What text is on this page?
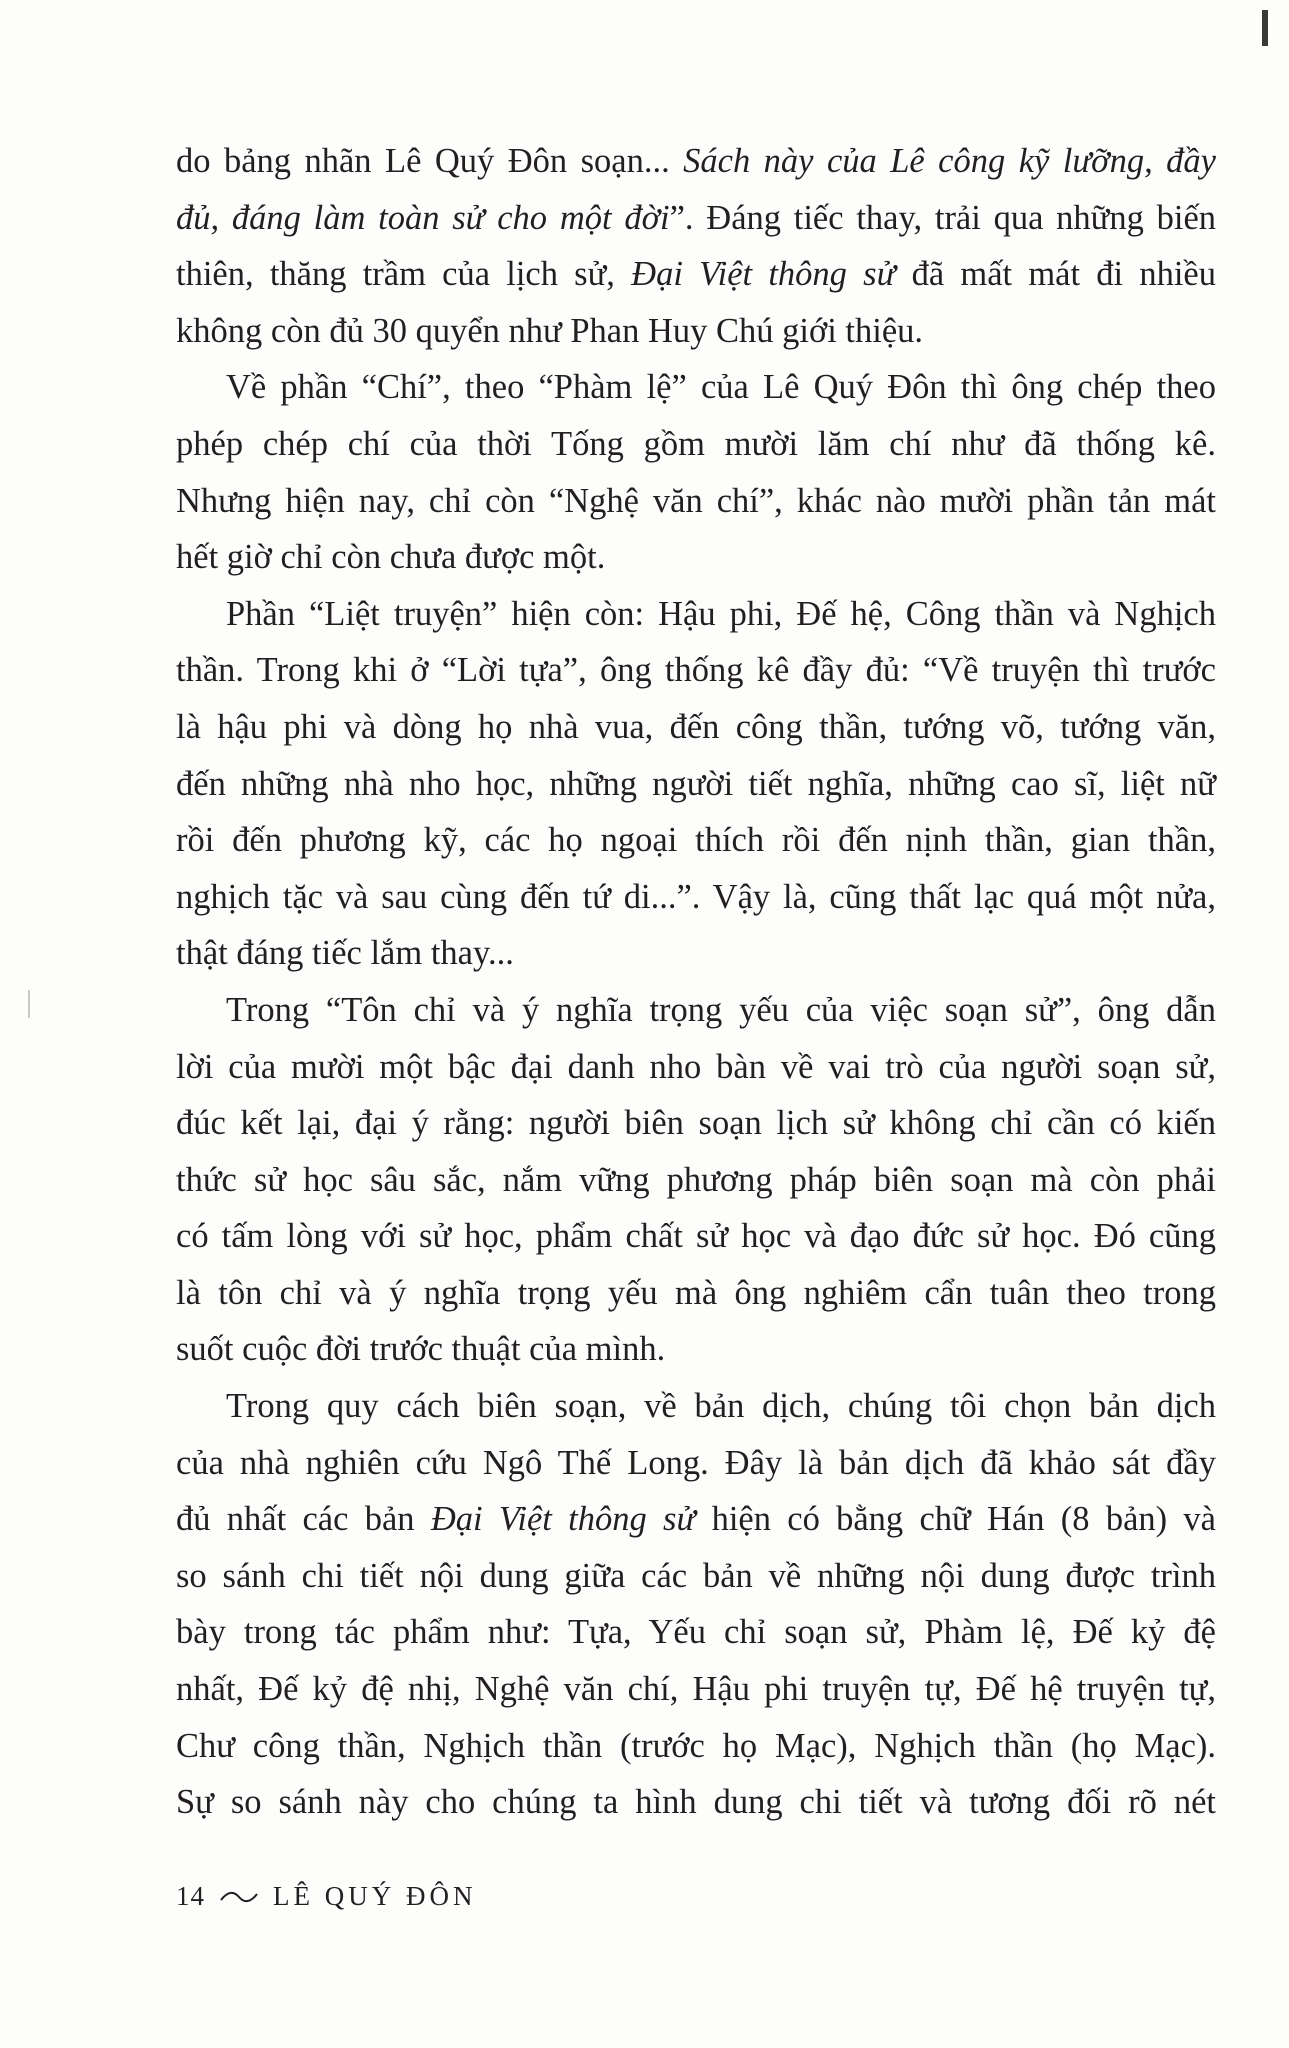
do bảng nhãn Lê Quý Đôn soạn... Sách này của Lê công kỹ lưỡng, đầy
đủ, đáng làm toàn sử cho một đời”. Đáng tiếc thay, trải qua những biến
thiên, thăng trầm của lịch sử, Đại Việt thông sử đã mất mát đi nhiều
không còn đủ 30 quyển như Phan Huy Chú giới thiệu.
Về phần “Chí”, theo “Phàm lệ” của Lê Quý Đôn thì ông chép theo
phép chép chí của thời Tống gồm mười lăm chí như đã thống kê.
Nhưng hiện nay, chỉ còn “Nghệ văn chí”, khác nào mười phần tản mát
hết giờ chỉ còn chưa được một.
Phần “Liệt truyện” hiện còn: Hậu phi, Đế hệ, Công thần và Nghịch
thần. Trong khi ở “Lời tựa”, ông thống kê đầy đủ: “Về truyện thì trước
là hậu phi và dòng họ nhà vua, đến công thần, tướng võ, tướng văn,
đến những nhà nho học, những người tiết nghĩa, những cao sĩ, liệt nữ
rồi đến phương kỹ, các họ ngoại thích rồi đến nịnh thần, gian thần,
nghịch tặc và sau cùng đến tứ di...”. Vậy là, cũng thất lạc quá một nửa,
thật đáng tiếc lắm thay...
Trong “Tôn chỉ và ý nghĩa trọng yếu của việc soạn sử”, ông dẫn
lời của mười một bậc đại danh nho bàn về vai trò của người soạn sử,
đúc kết lại, đại ý rằng: người biên soạn lịch sử không chỉ cần có kiến
thức sử học sâu sắc, nắm vững phương pháp biên soạn mà còn phải
có tấm lòng với sử học, phẩm chất sử học và đạo đức sử học. Đó cũng
là tôn chỉ và ý nghĩa trọng yếu mà ông nghiêm cẩn tuân theo trong
suốt cuộc đời trước thuật của mình.
Trong quy cách biên soạn, về bản dịch, chúng tôi chọn bản dịch
của nhà nghiên cứu Ngô Thế Long. Đây là bản dịch đã khảo sát đầy
đủ nhất các bản Đại Việt thông sử hiện có bằng chữ Hán (8 bản) và
so sánh chi tiết nội dung giữa các bản về những nội dung được trình
bày trong tác phẩm như: Tựa, Yếu chỉ soạn sử, Phàm lệ, Đế kỷ đệ
nhất, Đế kỷ đệ nhị, Nghệ văn chí, Hậu phi truyện tự, Đế hệ truyện tự,
Chư công thần, Nghịch thần (trước họ Mạc), Nghịch thần (họ Mạc).
Sự so sánh này cho chúng ta hình dung chi tiết và tương đối rõ nét
14	LÊ QUÝ ĐÔN
